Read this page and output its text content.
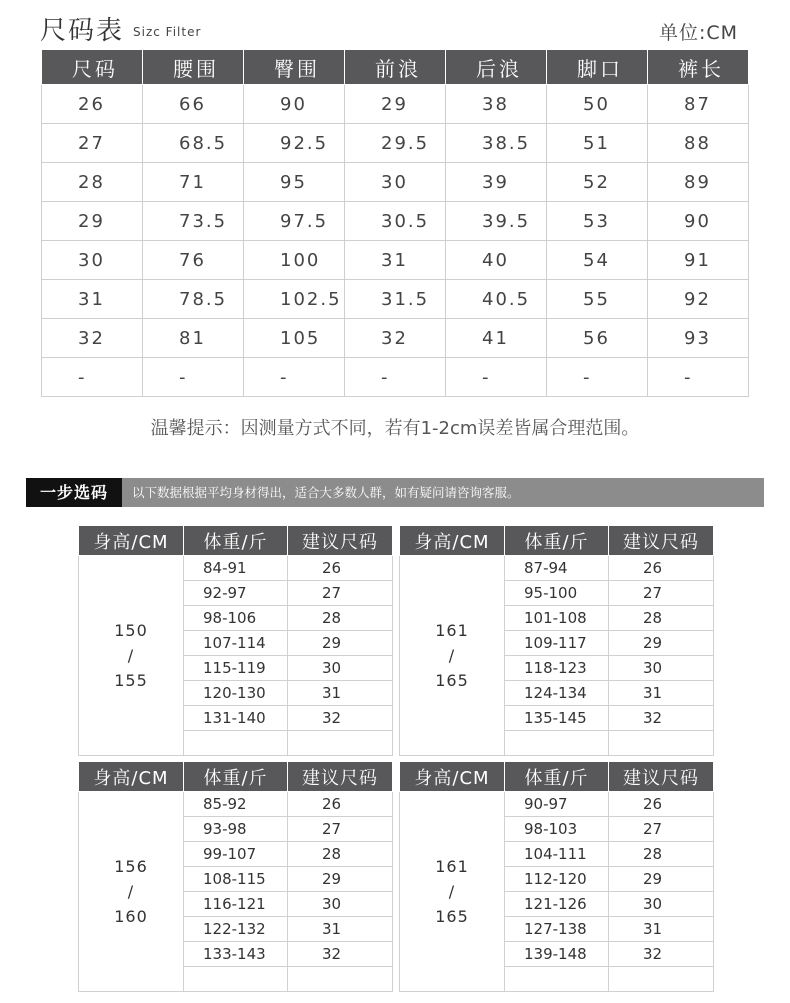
尺码表 Sizc Filter	单位:CM
尺码	腰围	臀围	前浪	后浪	脚口	裤长
26	66	90	29	38	50	87
27	68.5	92.5	29.5	38.5	51	88
28	71	95	30	39	52	89
29	73.5	97.5	30.5	39.5	53	90
30	76	100	31	40	54	91
31	78.5	102.5	31.5	40.5	55	92
32	81	105	32	41	56	93
-	-	-	-	-	-	-
温馨提示：因测量方式不同，若有1-2cm误差皆属合理范围。
一步选码	以下数据根据平均身材得出，适合大多数人群，如有疑问请咨询客服。
身高/CM	体重/斤	建议尺码

150
/
155	84-91	26
	92-97	27
	98-106	28
	107-114	29
	115-119	30
	120-130	31
	131-140	32

身高/CM	体重/斤	建议尺码

161
/
165	87-94	26
	95-100	27
	101-108	28
	109-117	29
	118-123	30
	124-134	31
	135-145	32

身高/CM	体重/斤	建议尺码

156
/
160	85-92	26
	93-98	27
	99-107	28
	108-115	29
	116-121	30
	122-132	31
	133-143	32

身高/CM	体重/斤	建议尺码

161
/
165	90-97	26
	98-103	27
	104-111	28
	112-120	29
	121-126	30
	127-138	31
	139-148	32
